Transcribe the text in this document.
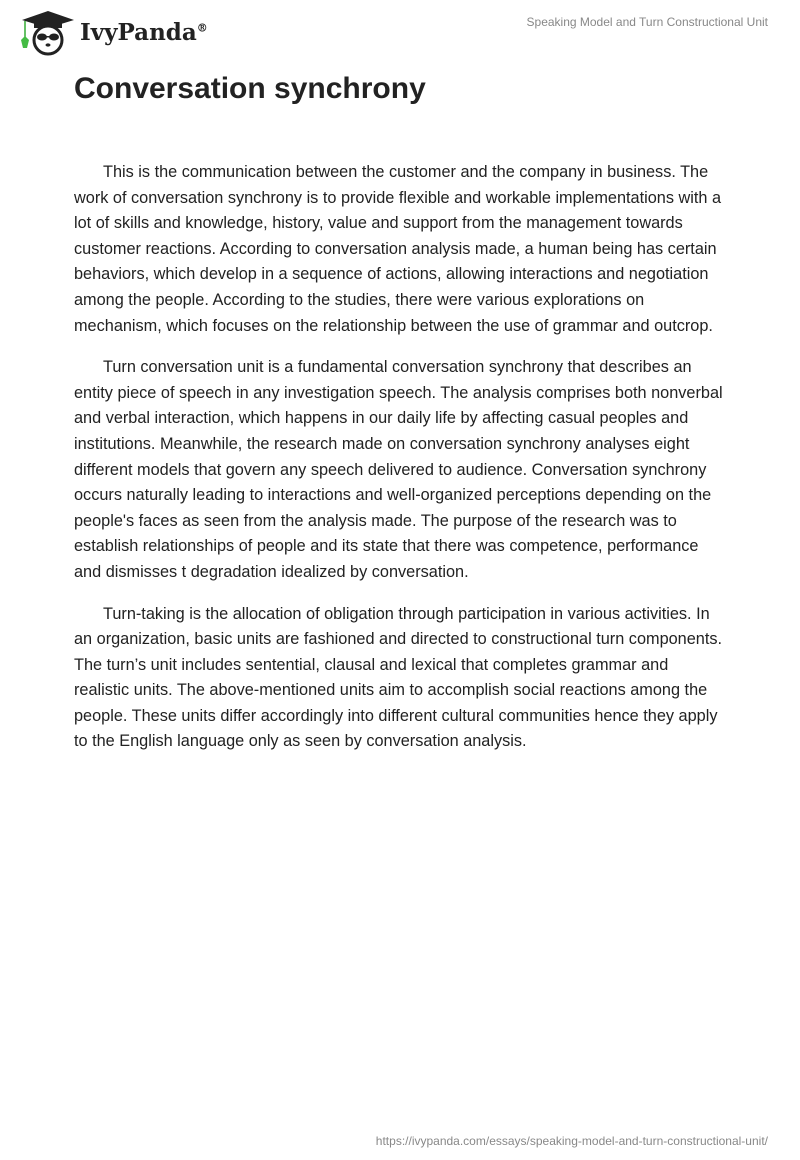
IvyPanda®	Speaking Model and Turn Constructional Unit
Conversation synchrony

This is the communication between the customer and the company in business. The work of conversation synchrony is to provide flexible and workable implementations with a lot of skills and knowledge, history, value and support from the management towards customer reactions. According to conversation analysis made, a human being has certain behaviors, which develop in a sequence of actions, allowing interactions and negotiation among the people. According to the studies, there were various explorations on mechanism, which focuses on the relationship between the use of grammar and outcrop.

Turn conversation unit is a fundamental conversation synchrony that describes an entity piece of speech in any investigation speech. The analysis comprises both nonverbal and verbal interaction, which happens in our daily life by affecting casual peoples and institutions. Meanwhile, the research made on conversation synchrony analyses eight different models that govern any speech delivered to audience. Conversation synchrony occurs naturally leading to interactions and well-organized perceptions depending on the people's faces as seen from the analysis made. The purpose of the research was to establish relationships of people and its state that there was competence, performance and dismisses t degradation idealized by conversation.

Turn-taking is the allocation of obligation through participation in various activities. In an organization, basic units are fashioned and directed to constructional turn components. The turn’s unit includes sentential, clausal and lexical that completes grammar and realistic units. The above-mentioned units aim to accomplish social reactions among the people. These units differ accordingly into different cultural communities hence they apply to the English language only as seen by conversation analysis.

https://ivypanda.com/essays/speaking-model-and-turn-constructional-unit/
